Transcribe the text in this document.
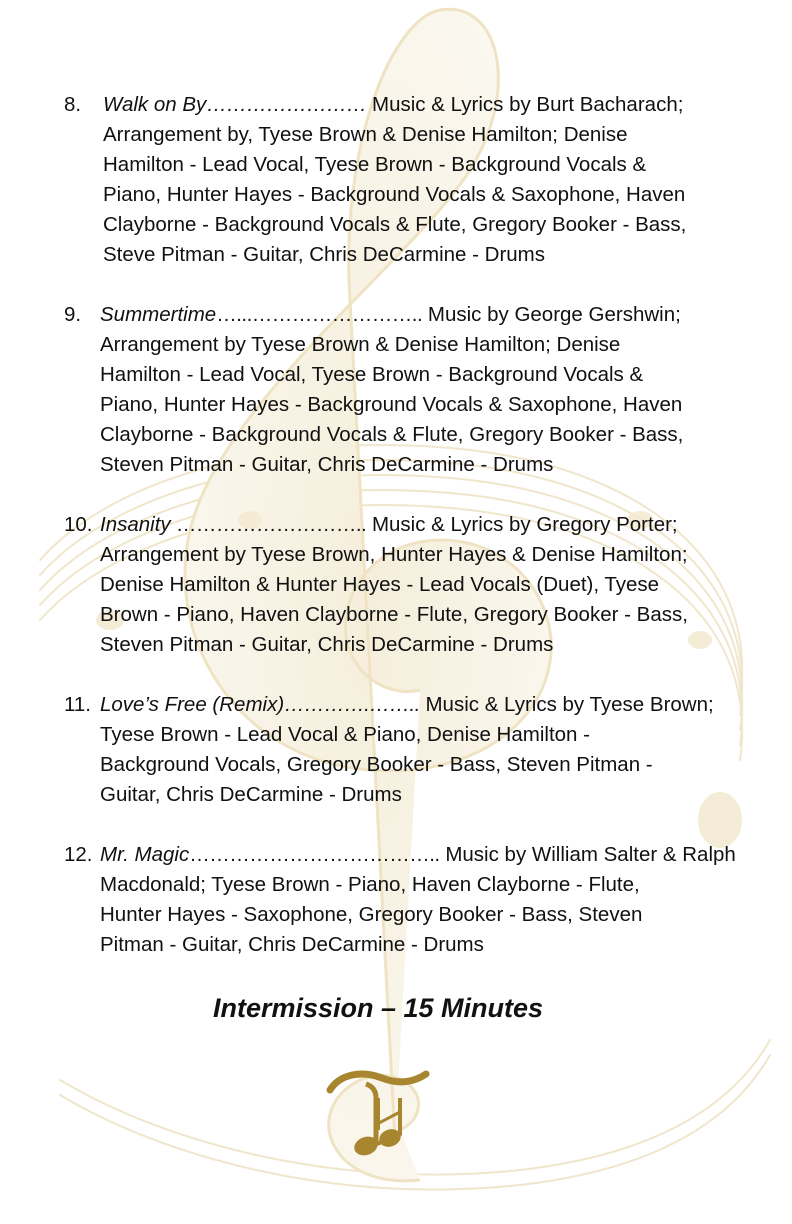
8. Walk on By…………………… Music & Lyrics by Burt Bacharach;
Arrangement by, Tyese Brown & Denise Hamilton; Denise
Hamilton - Lead Vocal, Tyese Brown - Background Vocals &
Piano, Hunter Hayes - Background Vocals & Saxophone, Haven
Clayborne - Background Vocals & Flute, Gregory Booker - Bass,
Steve Pitman - Guitar, Chris DeCarmine - Drums
9. Summertime…...…………………….. Music by George Gershwin;
Arrangement by Tyese Brown & Denise Hamilton; Denise
Hamilton - Lead Vocal, Tyese Brown - Background Vocals &
Piano, Hunter Hayes - Background Vocals & Saxophone, Haven
Clayborne - Background Vocals & Flute, Gregory Booker - Bass,
Steven Pitman - Guitar, Chris DeCarmine - Drums
10. Insanity ……………………….. Music & Lyrics by Gregory Porter;
Arrangement by Tyese Brown, Hunter Hayes & Denise Hamilton;
Denise Hamilton & Hunter Hayes - Lead Vocals (Duet), Tyese
Brown - Piano, Haven Clayborne - Flute, Gregory Booker - Bass,
Steven Pitman - Guitar, Chris DeCarmine - Drums
11. Love’s Free (Remix)………….…….. Music & Lyrics by Tyese Brown;
Tyese Brown - Lead Vocal & Piano, Denise Hamilton -
Background Vocals, Gregory Booker - Bass, Steven Pitman -
Guitar, Chris DeCarmine - Drums
12. Mr. Magic……………………………….. Music by William Salter & Ralph
Macdonald; Tyese Brown - Piano, Haven Clayborne - Flute,
Hunter Hayes - Saxophone, Gregory Booker - Bass, Steven
Pitman - Guitar, Chris DeCarmine - Drums
Intermission – 15 Minutes
